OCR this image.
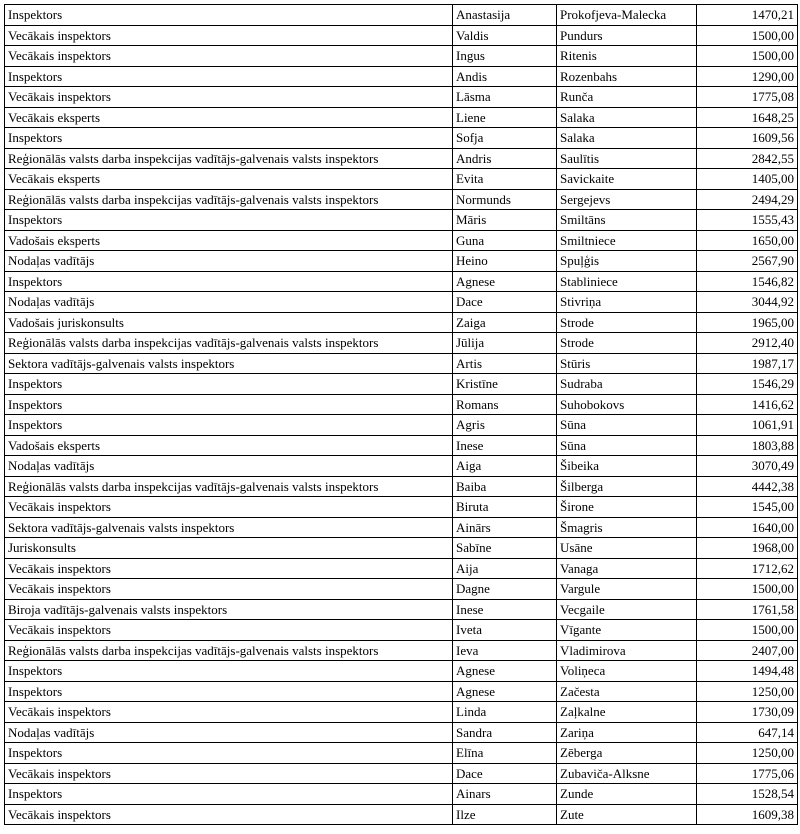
Inspektors	Anastasija	Prokofjeva-Malecka	1470,21
Vecākais inspektors	Valdis	Pundurs	1500,00
Vecākais inspektors	Ingus	Ritenis	1500,00
Inspektors	Andis	Rozenbahs	1290,00
Vecākais inspektors	Lāsma	Runča	1775,08
Vecākais eksperts	Liene	Salaka	1648,25
Inspektors	Sofja	Salaka	1609,56
Reģionālās valsts darba inspekcijas vadītājs-galvenais valsts inspektors	Andris	Saulītis	2842,55
Vecākais eksperts	Evita	Savickaite	1405,00
Reģionālās valsts darba inspekcijas vadītājs-galvenais valsts inspektors	Normunds	Sergejevs	2494,29
Inspektors	Māris	Smiltāns	1555,43
Vadošais eksperts	Guna	Smiltniece	1650,00
Nodaļas vadītājs	Heino	Spuļģis	2567,90
Inspektors	Agnese	Stabliniece	1546,82
Nodaļas vadītājs	Dace	Stivriņa	3044,92
Vadošais juriskonsults	Zaiga	Strode	1965,00
Reģionālās valsts darba inspekcijas vadītājs-galvenais valsts inspektors	Jūlija	Strode	2912,40
Sektora vadītājs-galvenais valsts inspektors	Artis	Stūris	1987,17
Inspektors	Kristīne	Sudraba	1546,29
Inspektors	Romans	Suhobokovs	1416,62
Inspektors	Agris	Sūna	1061,91
Vadošais eksperts	Inese	Sūna	1803,88
Nodaļas vadītājs	Aiga	Šibeika	3070,49
Reģionālās valsts darba inspekcijas vadītājs-galvenais valsts inspektors	Baiba	Šilberga	4442,38
Vecākais inspektors	Biruta	Širone	1545,00
Sektora vadītājs-galvenais valsts inspektors	Ainārs	Šmagris	1640,00
Juriskonsults	Sabīne	Usāne	1968,00
Vecākais inspektors	Aija	Vanaga	1712,62
Vecākais inspektors	Dagne	Vargule	1500,00
Biroja vadītājs-galvenais valsts inspektors	Inese	Vecgaile	1761,58
Vecākais inspektors	Iveta	Vīgante	1500,00
Reģionālās valsts darba inspekcijas vadītājs-galvenais valsts inspektors	Ieva	Vladimirova	2407,00
Inspektors	Agnese	Voliņeca	1494,48
Inspektors	Agnese	Začesta	1250,00
Vecākais inspektors	Linda	Zaļkalne	1730,09
Nodaļas vadītājs	Sandra	Zariņa	647,14
Inspektors	Elīna	Zēberga	1250,00
Vecākais inspektors	Dace	Zubaviča-Alksne	1775,06
Inspektors	Ainars	Zunde	1528,54
Vecākais inspektors	Ilze	Zute	1609,38
